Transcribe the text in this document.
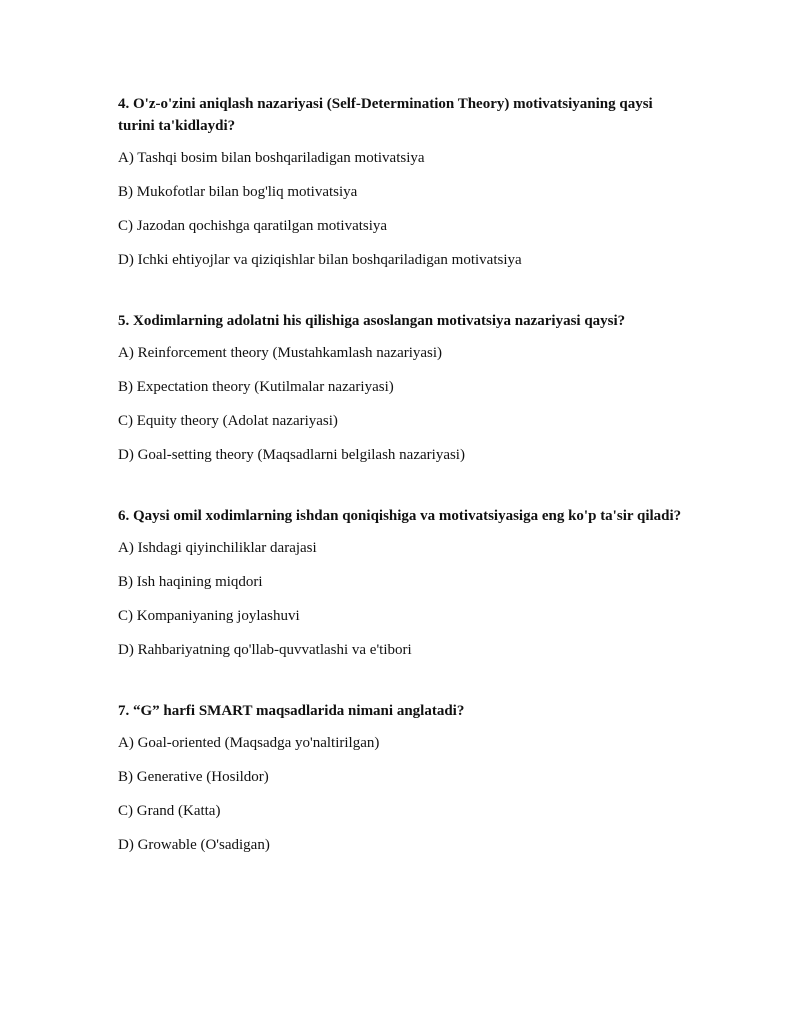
4. O'z-o'zini aniqlash nazariyasi (Self-Determination Theory) motivatsiyaning qaysi turini ta'kidlaydi?

A) Tashqi bosim bilan boshqariladigan motivatsiya
B) Mukofotlar bilan bog'liq motivatsiya
C) Jazodan qochishga qaratilgan motivatsiya
D) Ichki ehtiyojlar va qiziqishlar bilan boshqariladigan motivatsiya

5. Xodimlarning adolatni his qilishiga asoslangan motivatsiya nazariyasi qaysi?

A) Reinforcement theory (Mustahkamlash nazariyasi)
B) Expectation theory (Kutilmalar nazariyasi)
C) Equity theory (Adolat nazariyasi)
D) Goal-setting theory (Maqsadlarni belgilash nazariyasi)

6. Qaysi omil xodimlarning ishdan qoniqishiga va motivatsiyasiga eng ko'p ta'sir qiladi?

A) Ishdagi qiyinchiliklar darajasi
B) Ish haqining miqdori
C) Kompaniyaning joylashuvi
D) Rahbariyatning qo'llab-quvvatlashi va e'tibori

7. “G” harfi SMART maqsadlarida nimani anglatadi?

A) Goal-oriented (Maqsadga yo'naltirilgan)
B) Generative (Hosildor)
C) Grand (Katta)
D) Growable (O'sadigan)
